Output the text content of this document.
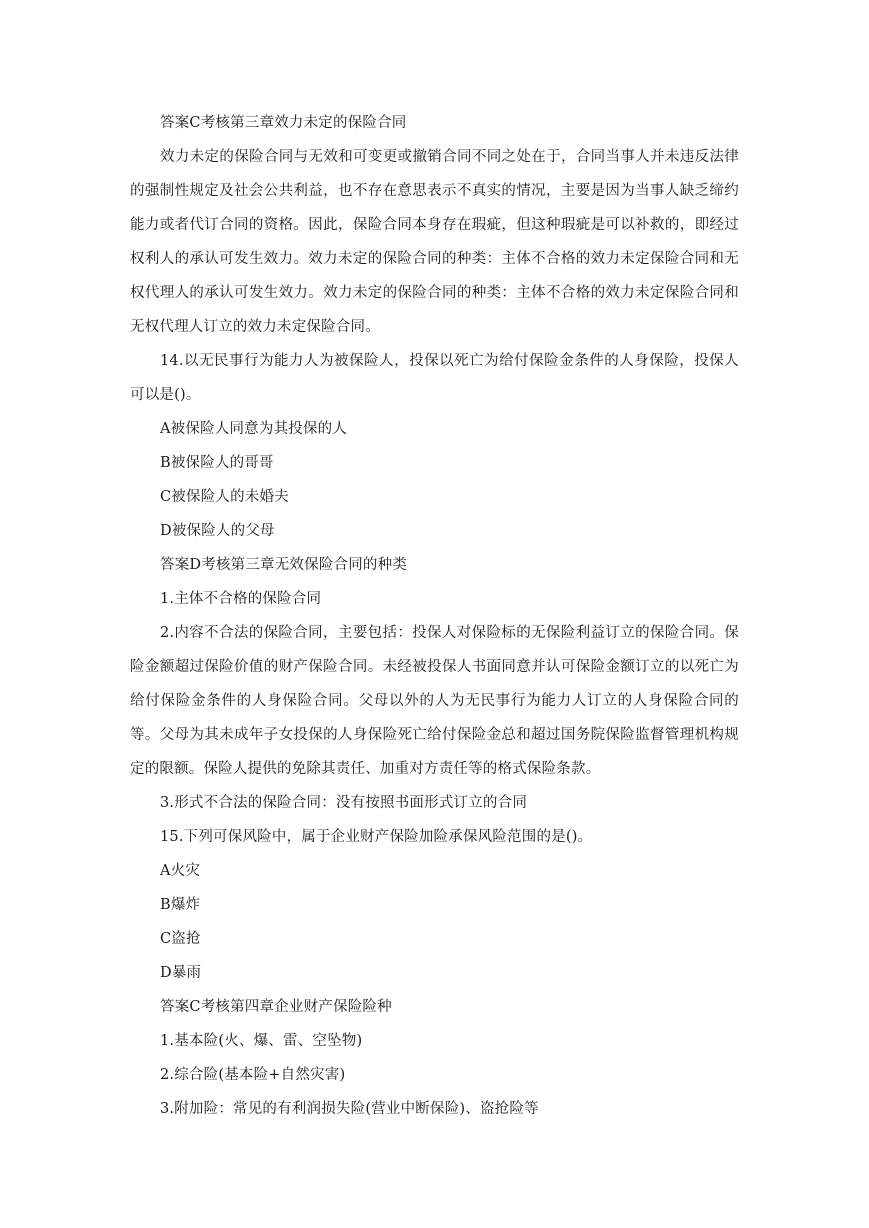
答案C考核第三章效力未定的保险合同

效力未定的保险合同与无效和可变更或撤销合同不同之处在于，合同当事人并未违反法律的强制性规定及社会公共利益，也不存在意思表示不真实的情况，主要是因为当事人缺乏缔约能力或者代订合同的资格。因此，保险合同本身存在瑕疵，但这种瑕疵是可以补救的，即经过权利人的承认可发生效力。效力未定的保险合同的种类：主体不合格的效力未定保险合同和无权代理人的承认可发生效力。效力未定的保险合同的种类：主体不合格的效力未定保险合同和无权代理人订立的效力未定保险合同。

14.以无民事行为能力人为被保险人，投保以死亡为给付保险金条件的人身保险，投保人可以是()。

A被保险人同意为其投保的人

B被保险人的哥哥

C被保险人的未婚夫

D被保险人的父母

答案D考核第三章无效保险合同的种类

1.主体不合格的保险合同

2.内容不合法的保险合同，主要包括：投保人对保险标的无保险利益订立的保险合同。保险金额超过保险价值的财产保险合同。未经被投保人书面同意并认可保险金额订立的以死亡为给付保险金条件的人身保险合同。父母以外的人为无民事行为能力人订立的人身保险合同的等。父母为其未成年子女投保的人身保险死亡给付保险金总和超过国务院保险监督管理机构规定的限额。保险人提供的免除其责任、加重对方责任等的格式保险条款。

3.形式不合法的保险合同：没有按照书面形式订立的合同

15.下列可保风险中，属于企业财产保险加险承保风险范围的是()。

A火灾

B爆炸

C盗抢

D暴雨

答案C考核第四章企业财产保险险种

1.基本险(火、爆、雷、空坠物)

2.综合险(基本险+自然灾害)

3.附加险：常见的有利润损失险(营业中断保险)、盗抢险等
